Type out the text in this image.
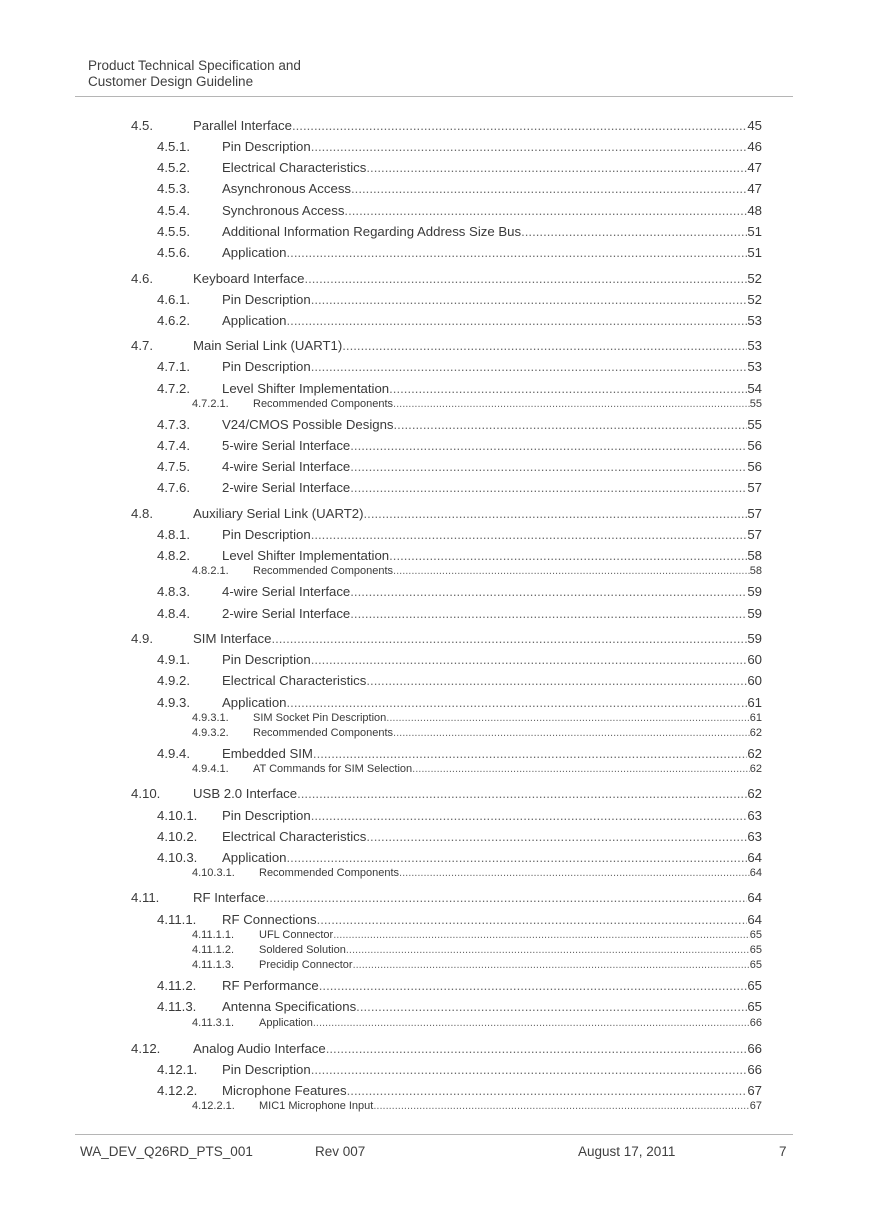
Product Technical Specification and
Customer Design Guideline
4.5.	Parallel Interface .....	45
4.5.1.	Pin Description .....	46
4.5.2.	Electrical Characteristics .....	47
4.5.3.	Asynchronous Access .....	47
4.5.4.	Synchronous Access .....	48
4.5.5.	Additional Information Regarding Address Size Bus .....	51
4.5.6.	Application .....	51
4.6.	Keyboard Interface .....	52
4.6.1.	Pin Description .....	52
4.6.2.	Application .....	53
4.7.	Main Serial Link (UART1) .....	53
4.7.1.	Pin Description .....	53
4.7.2.	Level Shifter Implementation .....	54
4.7.2.1.	Recommended Components .....	55
4.7.3.	V24/CMOS Possible Designs .....	55
4.7.4.	5-wire Serial Interface .....	56
4.7.5.	4-wire Serial Interface .....	56
4.7.6.	2-wire Serial Interface .....	57
4.8.	Auxiliary Serial Link (UART2) .....	57
4.8.1.	Pin Description .....	57
4.8.2.	Level Shifter Implementation .....	58
4.8.2.1.	Recommended Components .....	58
4.8.3.	4-wire Serial Interface .....	59
4.8.4.	2-wire Serial Interface .....	59
4.9.	SIM Interface .....	59
4.9.1.	Pin Description .....	60
4.9.2.	Electrical Characteristics .....	60
4.9.3.	Application .....	61
4.9.3.1.	SIM Socket Pin Description .....	61
4.9.3.2.	Recommended Components .....	62
4.9.4.	Embedded SIM .....	62
4.9.4.1.	AT Commands for SIM Selection .....	62
4.10.	USB 2.0 Interface .....	62
4.10.1.	Pin Description .....	63
4.10.2.	Electrical Characteristics .....	63
4.10.3.	Application .....	64
4.10.3.1.	Recommended Components .....	64
4.11.	RF Interface .....	64
4.11.1.	RF Connections .....	64
4.11.1.1.	UFL Connector .....	65
4.11.1.2.	Soldered Solution .....	65
4.11.1.3.	Precidip Connector .....	65
4.11.2.	RF Performance .....	65
4.11.3.	Antenna Specifications .....	65
4.11.3.1.	Application .....	66
4.12.	Analog Audio Interface .....	66
4.12.1.	Pin Description .....	66
4.12.2.	Microphone Features .....	67
4.12.2.1.	MIC1 Microphone Input .....	67
WA_DEV_Q26RD_PTS_001	Rev 007	August 17, 2011	7
